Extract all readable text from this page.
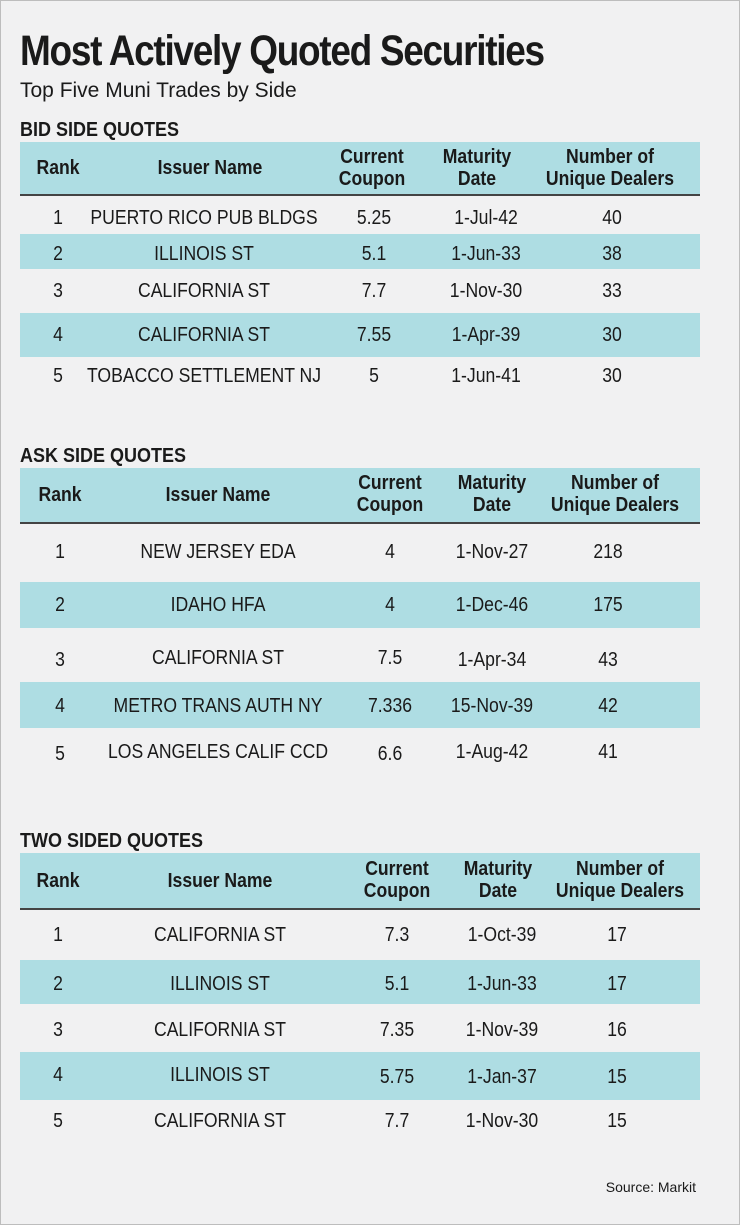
Most Actively Quoted Securities
Top Five Muni Trades by Side
BID SIDE QUOTES
Rank	Issuer Name	Current
Coupon
Maturity
Date
Number of
Unique Dealers
1 PUERTO RICO PUB BLDGS 5.25	1-Jul-42	40
2	ILLINOIS ST	5.1	1-Jun-33	38
3	CALIFORNIA ST	7.7	1-Nov-30	33
4	CALIFORNIA ST	7.55	1-Apr-39	30
5 TOBACCO SETTLEMENT NJ 5	1-Jun-41	30
ASK SIDE QUOTES
Rank	Issuer Name
Current
Coupon
Maturity
Date
Number of
Unique Dealers
1	NEW JERSEY EDA	4	1-Nov-27	218
2	IDAHO HFA	4	1-Dec-46	175
3	CALIFORNIA ST	7.5	1-Apr-34	43
4 METRO TRANS AUTH NY 7.336 15-Nov-39	42
5 LOS ANGELES CALIF CCD 6.6	1-Aug-42	41
TWO SIDED QUOTES
Rank	Issuer Name
Current
Coupon
Maturity
Date
Number of
Unique Dealers
1	CALIFORNIA ST	7.3	1-Oct-39	17
2	ILLINOIS ST	5.1	1-Jun-33	17
3	CALIFORNIA ST	7.35	1-Nov-39	16
4	ILLINOIS ST	5.75	1-Jan-37	15
5	CALIFORNIA ST	7.7	1-Nov-30	15
Source: Markit
